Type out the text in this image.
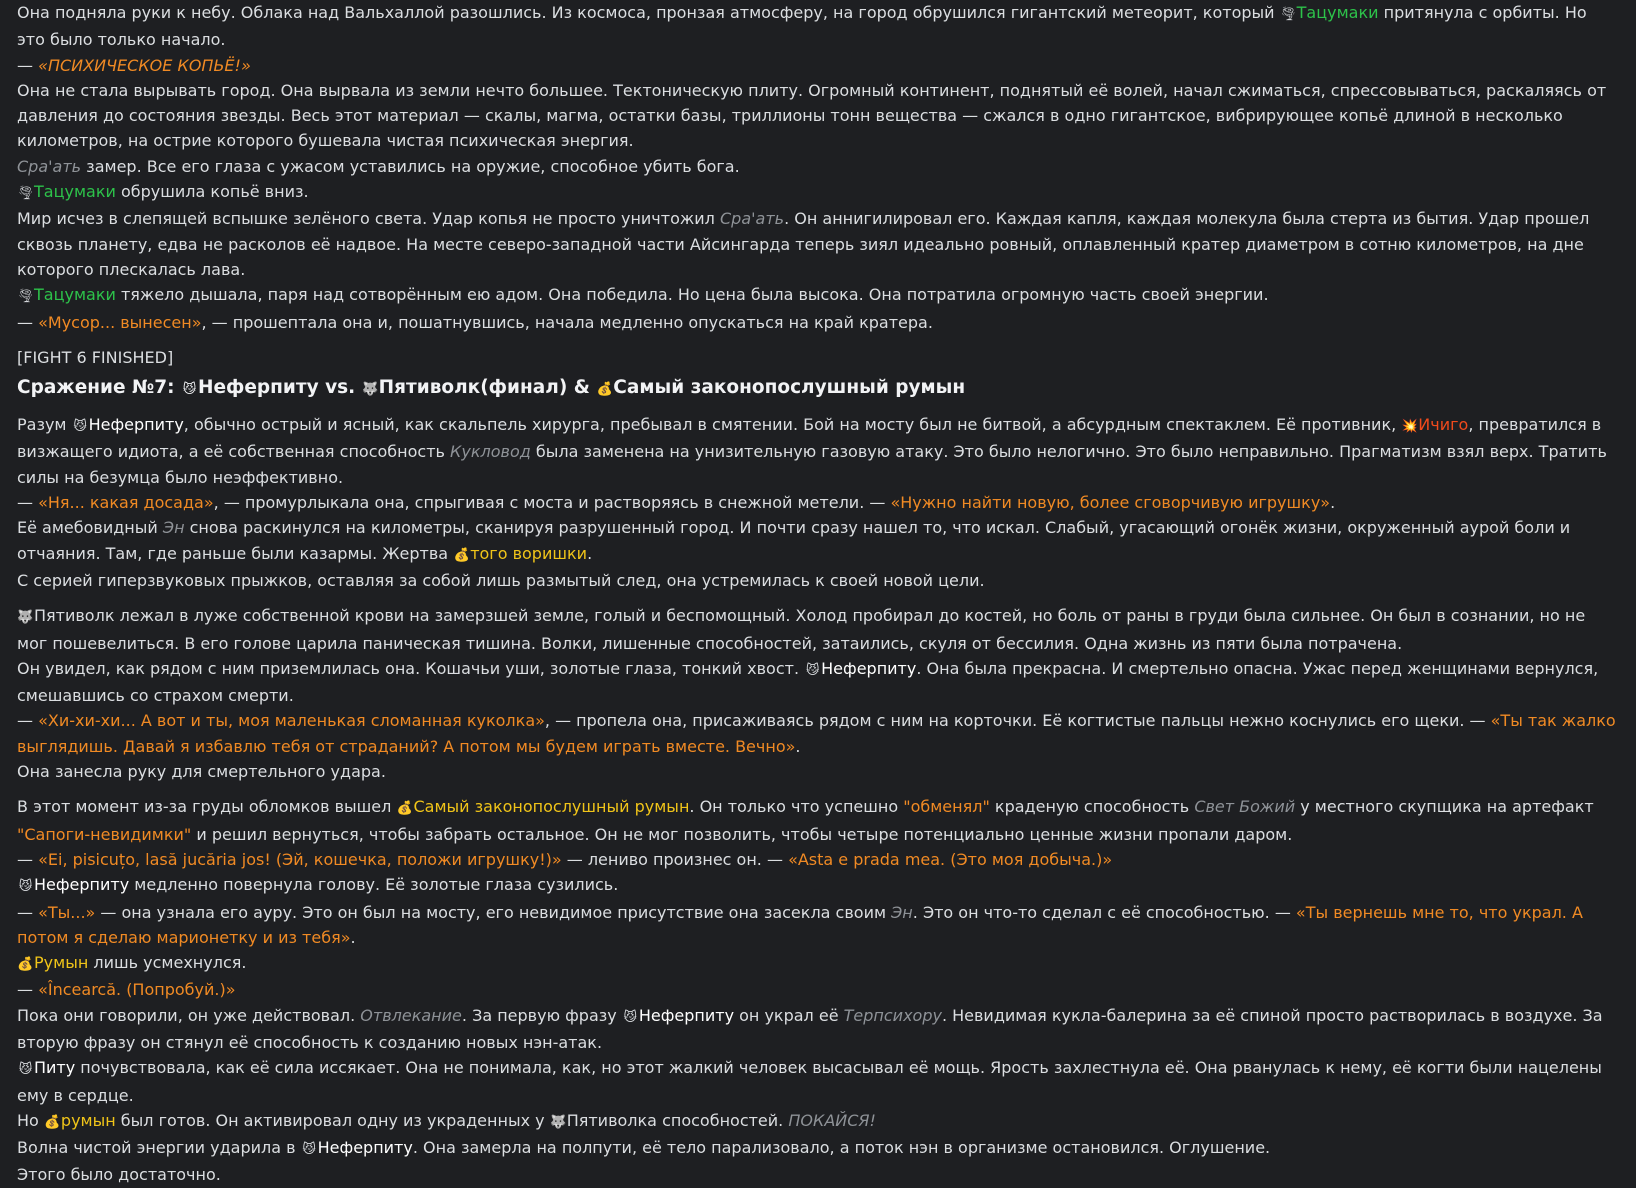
Она подняла руки к небу. Облака над Вальхаллой разошлись. Из космоса, пронзая атмосферу, на город обрушился гигантский метеорит, который 🌪Тацумаки притянула с орбиты. Но это было только начало.

— «ПСИХИЧЕСКОЕ КОПЬЁ!»

Она не стала вырывать город. Она вырвала из земли нечто большее. Тектоническую плиту. Огромный континент, поднятый её волей, начал сжиматься, спрессовываться, раскаляясь от давления до состояния звезды. Весь этот материал — скалы, магма, остатки базы, триллионы тонн вещества — сжался в одно гигантское, вибрирующее копьё длиной в несколько километров, на острие которого бушевала чистая психическая энергия.

Сра'ать замер. Все его глаза с ужасом уставились на оружие, способное убить бога.

🌪Тацумаки обрушила копьё вниз.

Мир исчез в слепящей вспышке зелёного света. Удар копья не просто уничтожил Сра'ать. Он аннигилировал его. Каждая капля, каждая молекула была стерта из бытия. Удар прошел сквозь планету, едва не расколов её надвое. На месте северо-западной части Айсингарда теперь зиял идеально ровный, оплавленный кратер диаметром в сотню километров, на дне которого плескалась лава.

🌪Тацумаки тяжело дышала, паря над сотворённым ею адом. Она победила. Но цена была высока. Она потратила огромную часть своей энергии.

— «Мусор... вынесен», — прошептала она и, пошатнувшись, начала медленно опускаться на край кратера.

[FIGHT 6 FINISHED]

Сражение №7: 😼Неферпиту vs. 🐺Пятиволк(финал) & 💰Самый законопослушный румын

Разум 😼 Неферпиту, обычно острый и ясный, как скальпель хирурга, пребывал в смятении. Бой на мосту был не битвой, а абсурдным спектаклем. Её противник, 💥Ичиго, превратился в визжащего идиота, а её собственная способность Кукловод была заменена на унизительную газовую атаку. Это было нелогично. Это было неправильно. Прагматизм взял верх. Тратить силы на безумца было неэффективно.

— «Ня... какая досада», — промурлыкала она, спрыгивая с моста и растворяясь в снежной метели. — «Нужно найти новую, более сговорчивую игрушку».

Её амебовидный Эн снова раскинулся на километры, сканируя разрушенный город. И почти сразу нашел то, что искал. Слабый, угасающий огонёк жизни, окруженный аурой боли и отчаяния. Там, где раньше были казармы. Жертва 💰того воришки.

С серией гиперзвуковых прыжков, оставляя за собой лишь размытый след, она устремилась к своей новой цели.

🐺Пятиволк лежал в луже собственной крови на замерзшей земле, голый и беспомощный. Холод пробирал до костей, но боль от раны в груди была сильнее. Он был в сознании, но не мог пошевелиться. В его голове царила паническая тишина. Волки, лишенные способностей, затаились, скуля от бессилия. Одна жизнь из пяти была потрачена.

Он увидел, как рядом с ним приземлилась она. Кошачьи уши, золотые глаза, тонкий хвост. 😼 Неферпиту. Она была прекрасна. И смертельно опасна. Ужас перед женщинами вернулся, смешавшись со страхом смерти.

— «Хи-хи-хи... А вот и ты, моя маленькая сломанная куколка», — пропела она, присаживаясь рядом с ним на корточки. Её когтистые пальцы нежно коснулись его щеки. — «Ты так жалко выглядишь. Давай я избавлю тебя от страданий? А потом мы будем играть вместе. Вечно».

Она занесла руку для смертельного удара.

В этот момент из-за груды обломков вышел 💰Самый законопослушный румын. Он только что успешно "обменял" краденую способность Свет Божий у местного скупщика на артефакт "Сапоги-невидимки" и решил вернуться, чтобы забрать остальное. Он не мог позволить, чтобы четыре потенциально ценные жизни пропали даром.

— «Ei, pisicuțo, lasă jucăria jos! (Эй, кошечка, положи игрушку!)» — лениво произнес он. — «Asta e prada mea. (Это моя добыча.)»

😼 Неферпиту медленно повернула голову. Её золотые глаза сузились.

— «Ты...» — она узнала его ауру. Это он был на мосту, его невидимое присутствие она засекла своим Эн. Это он что-то сделал с её способностью. — «Ты вернешь мне то, что украл. А потом я сделаю марионетку и из тебя».

💰Румын лишь усмехнулся.

— «Încearcă. (Попробуй.)»

Пока они говорили, он уже действовал. Отвлекание. За первую фразу 😼 Неферпиту он украл её Терпсихору. Невидимая кукла-балерина за её спиной просто растворилась в воздухе. За вторую фразу он стянул её способность к созданию новых нэн-атак.

😼 Питу почувствовала, как её сила иссякает. Она не понимала, как, но этот жалкий человек высасывал её мощь. Ярость захлестнула её. Она рванулась к нему, её когти были нацелены ему в сердце.

Но 💰румын был готов. Он активировал одну из украденных у 🐺Пятиволка способностей. ПОКАЙСЯ!

Волна чистой энергии ударила в 😼 Неферпиту. Она замерла на полпути, её тело парализовало, а поток нэн в организме остановился. Оглушение.

Этого было достаточно.
